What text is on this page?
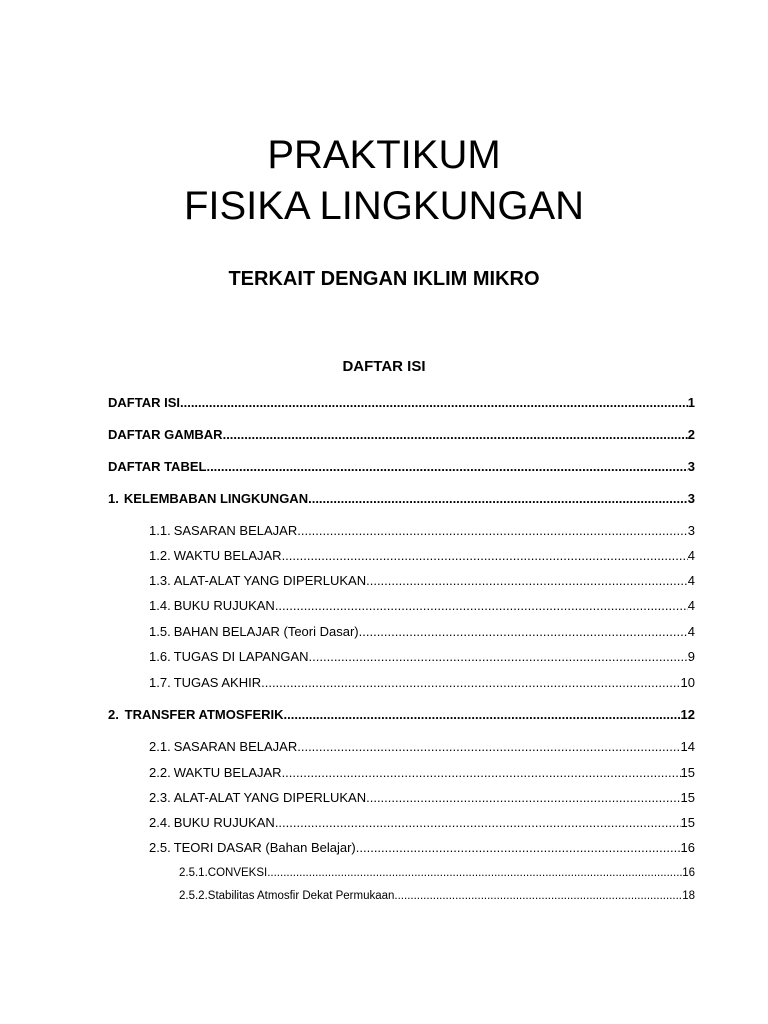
PRAKTIKUM
FISIKA LINGKUNGAN
TERKAIT DENGAN IKLIM MIKRO
DAFTAR ISI
DAFTAR ISI .....	1
DAFTAR GAMBAR .....	2
DAFTAR TABEL .....	3
1. KELEMBABAN LINGKUNGAN .....	3
1.1. SASARAN BELAJAR .....	3
1.2. WAKTU BELAJAR .....	4
1.3. ALAT-ALAT YANG DIPERLUKAN .....	4
1.4. BUKU RUJUKAN .....	4
1.5. BAHAN BELAJAR (Teori Dasar) .....	4
1.6. TUGAS DI LAPANGAN .....	9
1.7. TUGAS AKHIR .....	10
2. TRANSFER ATMOSFERIK .....	12
2.1. SASARAN BELAJAR .....	14
2.2. WAKTU BELAJAR .....	15
2.3. ALAT-ALAT YANG DIPERLUKAN .....	15
2.4. BUKU RUJUKAN .....	15
2.5. TEORI DASAR (Bahan Belajar) .....	16
2.5.1. CONVEKSI .....	16
2.5.2. Stabilitas Atmosfir Dekat Permukaan .....	18
